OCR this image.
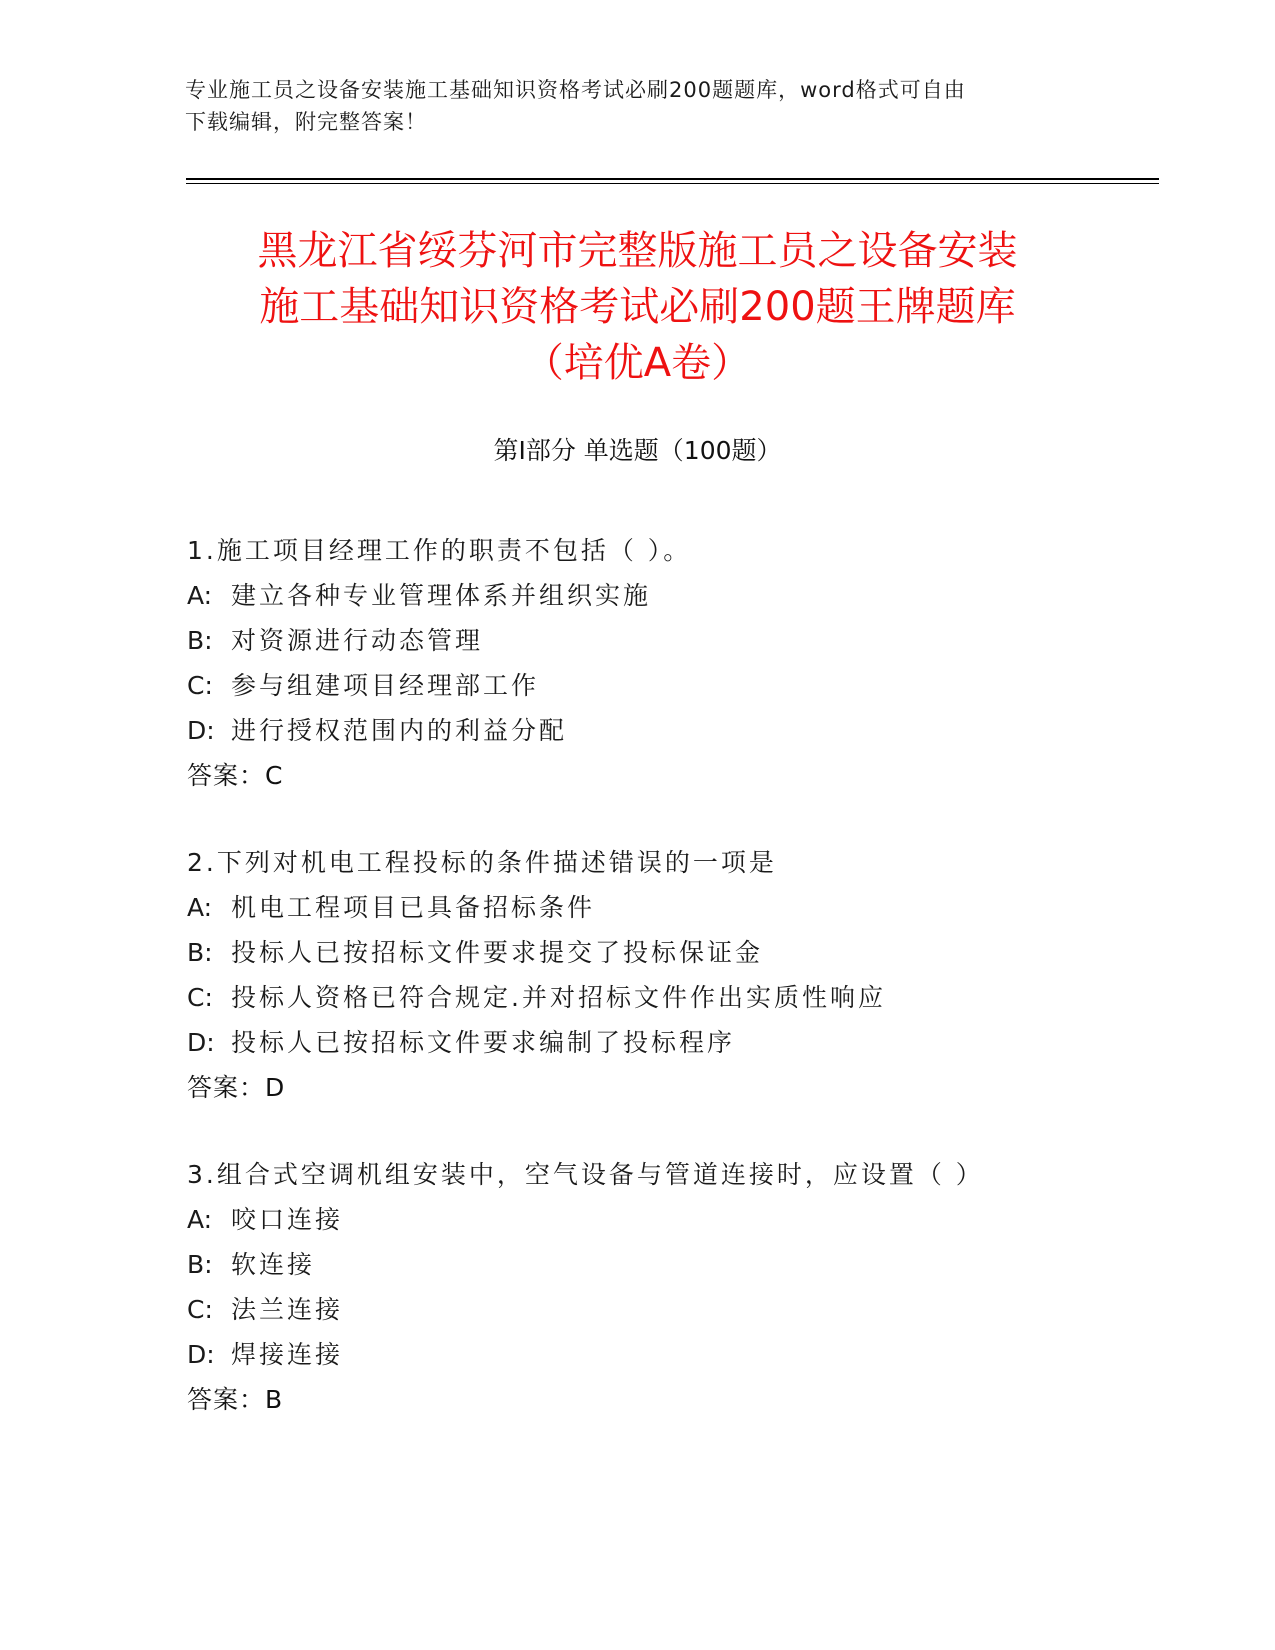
专业施工员之设备安装施工基础知识资格考试必刷200题题库，word格式可自由
下载编辑，附完整答案！
黑龙江省绥芬河市完整版施工员之设备安装
施工基础知识资格考试必刷200题王牌题库
（培优A卷）
第I部分 单选题（100题）
1.施工项目经理工作的职责不包括（ ）。
A: 建立各种专业管理体系并组织实施
B: 对资源进行动态管理
C: 参与组建项目经理部工作
D: 进行授权范围内的利益分配
答案：C
2.下列对机电工程投标的条件描述错误的一项是
A: 机电工程项目已具备招标条件
B: 投标人已按招标文件要求提交了投标保证金
C: 投标人资格已符合规定.并对招标文件作出实质性响应
D: 投标人已按招标文件要求编制了投标程序
答案：D
3.组合式空调机组安装中，空气设备与管道连接时，应设置（ ）
A: 咬口连接
B: 软连接
C: 法兰连接
D: 焊接连接
答案：B
